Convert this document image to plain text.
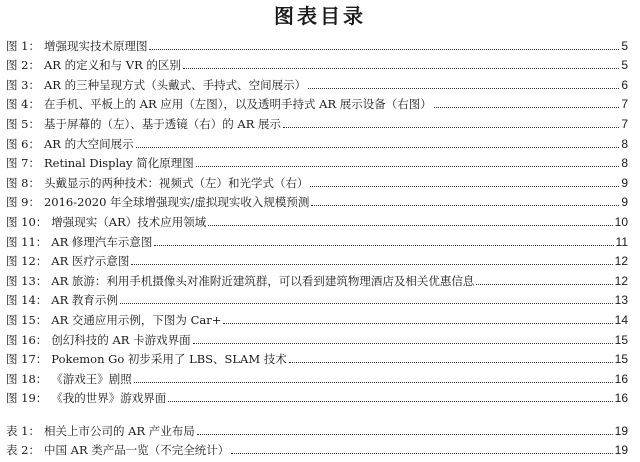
图表目录
图 1： 增强现实技术原理图	5
图 2： AR 的定义和与 VR 的区别	5
图 3： AR 的三种呈现方式（头戴式、手持式、空间展示）	6
图 4： 在手机、平板上的 AR 应用（左图），以及透明手持式 AR 展示设备（右图）	7
图 5： 基于屏幕的（左）、基于透镜（右）的 AR 展示	7
图 6： AR 的大空间展示	8
图 7： Retinal Display 简化原理图	8
图 8： 头戴显示的两种技术：视频式（左）和光学式（右）	9
图 9： 2016-2020 年全球增强现实/虚拟现实收入规模预测	9
图 10： 增强现实（AR）技术应用领域	10
图 11： AR 修理汽车示意图	11
图 12： AR 医疗示意图	12
图 13： AR 旅游：利用手机摄像头对准附近建筑群，可以看到建筑物理酒店及相关优惠信息	12
图 14： AR 教育示例	13
图 15： AR 交通应用示例，下图为 Car+	14
图 16： 创幻科技的 AR 卡游戏界面	15
图 17： Pokemon Go 初步采用了 LBS、SLAM 技术	15
图 18： 《游戏王》剧照	16
图 19： 《我的世界》游戏界面	16
表 1： 相关上市公司的 AR 产业布局	19
表 2： 中国 AR 类产品一览（不完全统计）	19
